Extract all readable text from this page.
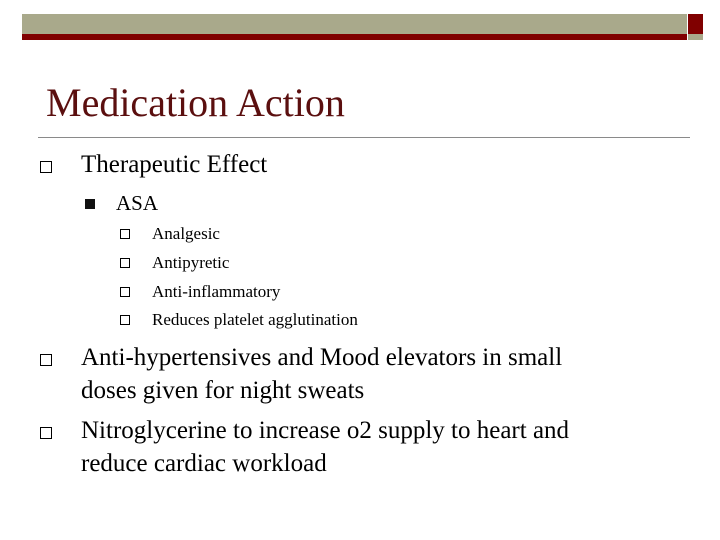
Medication Action
Therapeutic Effect
ASA
Analgesic
Antipyretic
Anti-inflammatory
Reduces platelet agglutination
Anti-hypertensives and Mood elevators in small
doses given for night sweats
Nitroglycerine to increase o2 supply to heart and
reduce cardiac workload
